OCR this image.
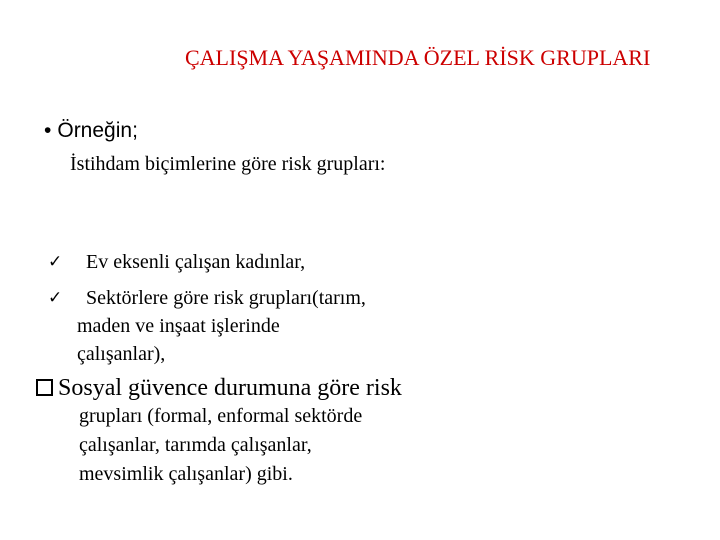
ÇALIŞMA YAŞAMINDA ÖZEL RİSK GRUPLARI
• Örneğin;
İstihdam biçimlerine göre risk grupları:
✓ Ev eksenli çalışan kadınlar,
✓ Sektörlere göre risk grupları(tarım,
maden ve inşaat işlerinde
çalışanlar),
Sosyal güvence durumuna göre risk
grupları (formal, enformal sektörde
çalışanlar, tarımda çalışanlar,
mevsimlik çalışanlar) gibi.
